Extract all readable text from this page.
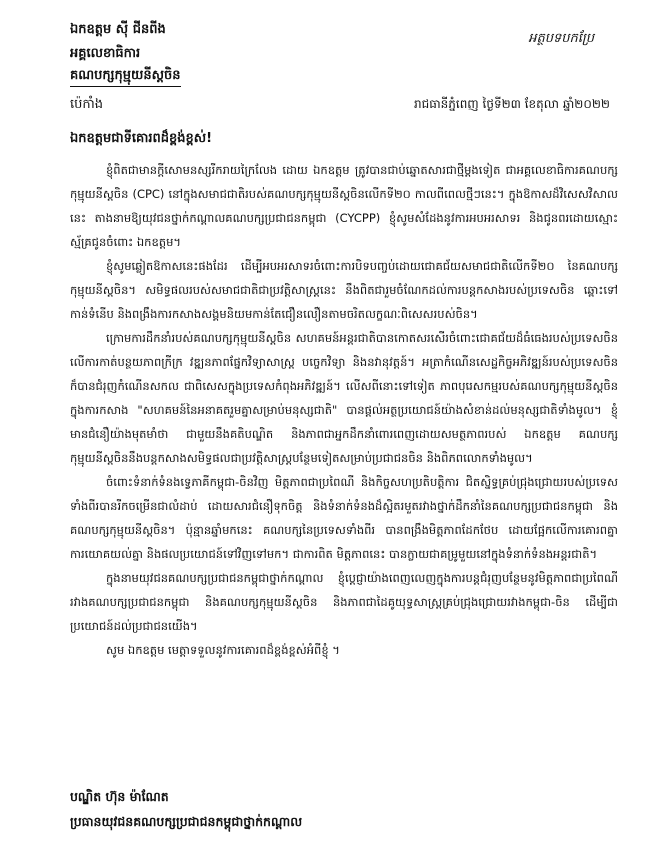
ឯកឧត្តម ស៊ី ជីនពីង
អគ្គលេខាធិការ
គណបក្សកុម្មុយនីស្តចិន
ប៉េកាំង
អត្ថបទបកប្រែ
រាជធានីភ្នំពេញ ថ្ងៃទី២៣ ខែតុលា ឆ្នាំ២០២២
ឯកឧត្តមជាទីគោរពដ៏ខ្ពង់ខ្ពស់!

ខ្ញុំពិតជាមានក្តីសោមនស្សរីករាយក្រៃលែង ដោយ ឯកឧត្តម ត្រូវបានជាប់ឆ្នោតសារជាថ្មីម្តងទៀត ជាអគ្គលេខាធិការគណបក្សកុម្មុយនីស្តចិន (CPC) នៅក្នុងសមាជជាតិរបស់គណបក្សកុម្មុយនីស្តចិនលើកទី២០ កាលពីពេលថ្មីៗនេះ។ ក្នុងឱកាសដ៏វិសេសវិសាលនេះ តាងនាមឱ្យយុវជនថ្នាក់កណ្តាលគណបក្សប្រជាជនកម្ពុជា (CYCPP) ខ្ញុំសូមសំដែងនូវការអបអរសាទរ និងជូនពរដោយស្មោះស្ម័គ្រជូនចំពោះ ឯកឧត្តម។

ខ្ញុំសូមឆ្លៀតឱកាសនេះផងដែរ ដើម្បីអបអរសាទរចំពោះការបិទបញ្ចប់ដោយជោគជ័យសមាជជាតិលើកទី២០ នៃគណបក្សកុម្មុយនីស្តចិន។ សមិទ្ធផលរបស់សមាជជាតិជាប្រវត្តិសាស្ត្រនេះ នឹងពិតជារួមចំណែកដល់ការបន្តកសាងរបស់ប្រទេសចិន ឆ្ពោះទៅកាន់ទំនើប និងពង្រឹងការកសាងសង្គមនិយមកាន់តែជឿនលឿនតាមចរិតលក្ខណៈពិសេសរបស់ចិន។

ក្រោមការដឹកនាំរបស់គណបក្សកុម្មុយនីស្តចិន សហគមន៍អន្តរជាតិបានកោតសរសើរចំពោះជោគជ័យដ៏ធំធេងរបស់ប្រទេសចិន លើការកាត់បន្ថយភាពក្រីក្រ វឌ្ឍនភាពផ្នែកវិទ្យាសាស្ត្រ បច្ចេកវិទ្យា និងនវានុវត្តន៍។ អត្រាកំណើនសេដ្ឋកិច្ចអភិវឌ្ឍន៍របស់ប្រទេសចិន ក៏បានជំរុញកំណើនសកល ជាពិសេសក្នុងប្រទេសកំពុងអភិវឌ្ឍន៍។ លើសពីនោះទៅទៀត ភាពបុរេសកម្មរបស់គណបក្សកុម្មុយនីស្តចិន ក្នុងការកសាង "សហគមន៍នៃអនាគតរួមគ្នាសម្រាប់មនុស្សជាតិ" បានផ្តល់អត្ថប្រយោជន៍យ៉ាងសំខាន់ដល់មនុស្សជាតិទាំងមូល។ ខ្ញុំមានជំនឿយ៉ាងមុតមាំថា ជាមួយនឹងគតិបណ្ឌិត និងភាពជាអ្នកដឹកនាំពោរពេញដោយសមត្ថភាពរបស់ ឯកឧត្តម គណបក្សកុម្មុយនីស្តចិននឹងបន្តកសាងសមិទ្ធផលជាប្រវត្តិសាស្ត្របន្ថែមទៀតសម្រាប់ប្រជាជនចិន និងពិភពលោកទាំងមូល។

ចំពោះទំនាក់ទំនងទ្វេភាគីកម្ពុជា-ចិនវិញ មិត្តភាពជាប្រពៃណី និងកិច្ចសហប្រតិបត្តិការ ជិតស្និទ្ធគ្រប់ជ្រុងជ្រោយរបស់ប្រទេសទាំងពីរបានរីកចម្រើនជាលំដាប់ ដោយសារជំនឿទុកចិត្ត និងទំនាក់ទំនងដ៏ស្អិតរមួតរវាងថ្នាក់ដឹកនាំនៃគណបក្សប្រជាជនកម្ពុជា និងគណបក្សកុម្មុយនីស្តចិន។ ប៉ុន្មានឆ្នាំមកនេះ គណបក្សនៃប្រទេសទាំងពីរ បានពង្រឹងមិត្តភាពដែកថែប ដោយផ្អែកលើការគោរពគ្នា ការយោគយល់គ្នា និងផលប្រយោជន៍ទៅវិញទៅមក។ ជាការពិត មិត្តភាពនេះ បានក្លាយជាគម្រូមួយនៅក្នុងទំនាក់ទំនងអន្តរជាតិ។

ក្នុងនាមយុវជនគណបក្សប្រជាជនកម្ពុជាថ្នាក់កណ្តាល ខ្ញុំប្តេជ្ញាយ៉ាងពេញលេញក្នុងការបន្តជំរុញបន្ថែមនូវមិត្តភាពជាប្រពៃណីរវាងគណបក្សប្រជាជនកម្ពុជា និងគណបក្សកុម្មុយនីស្តចិន និងភាពជាដៃគូយុទ្ធសាស្ត្រគ្រប់ជ្រុងជ្រោយរវាងកម្ពុជា-ចិន ដើម្បីជាប្រយោជន៍ដល់ប្រជាជនយើង។

សូម ឯកឧត្តម មេត្តាទទួលនូវការគោរពដ៏ខ្ពង់ខ្ពស់អំពីខ្ញុំ ។

បណ្ឌិត ហ៊ុន ម៉ាណែត
ប្រធានយុវជនគណបក្សប្រជាជនកម្ពុជាថ្នាក់កណ្តាល
